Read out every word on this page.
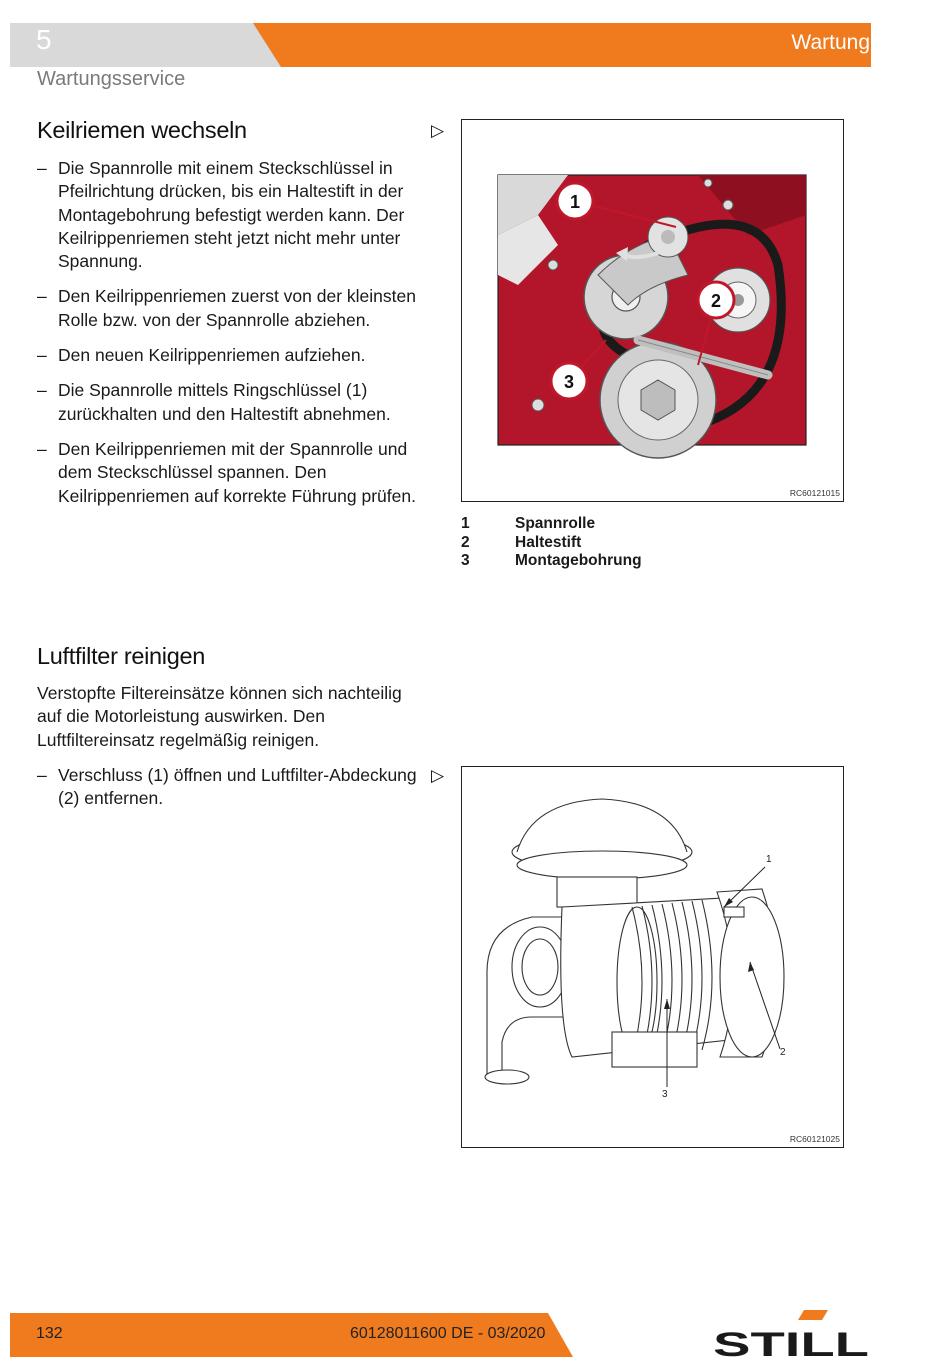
5	Wartung
Wartungsservice
Keilriemen wechseln	▷
– Die Spannrolle mit einem Steckschlüssel in Pfeilrichtung drücken, bis ein Haltestift in der Montagebohrung befestigt werden kann. Der Keilrippenriemen steht jetzt nicht mehr unter Spannung.
– Den Keilrippenriemen zuerst von der kleinsten Rolle bzw. von der Spannrolle abziehen.
– Den neuen Keilrippenriemen aufziehen.
– Die Spannrolle mittels Ringschlüssel (1) zurückhalten und den Haltestift abnehmen.
– Den Keilrippenriemen mit der Spannrolle und dem Steckschlüssel spannen. Den Keilrippenriemen auf korrekte Führung prüfen.
1
2
3
RC60121015
1	Spannrolle
2	Haltestift
3	Montagebohrung
Luftfilter reinigen
Verstopfte Filtereinsätze können sich nachteilig auf die Motorleistung auswirken. Den Luftfiltereinsatz regelmäßig reinigen.
▷
– Verschluss (1) öffnen und Luftfilter-Abdeckung (2) entfernen.
1
2
3
RC60121025
132	60128011600 DE - 03/2020	STILL
